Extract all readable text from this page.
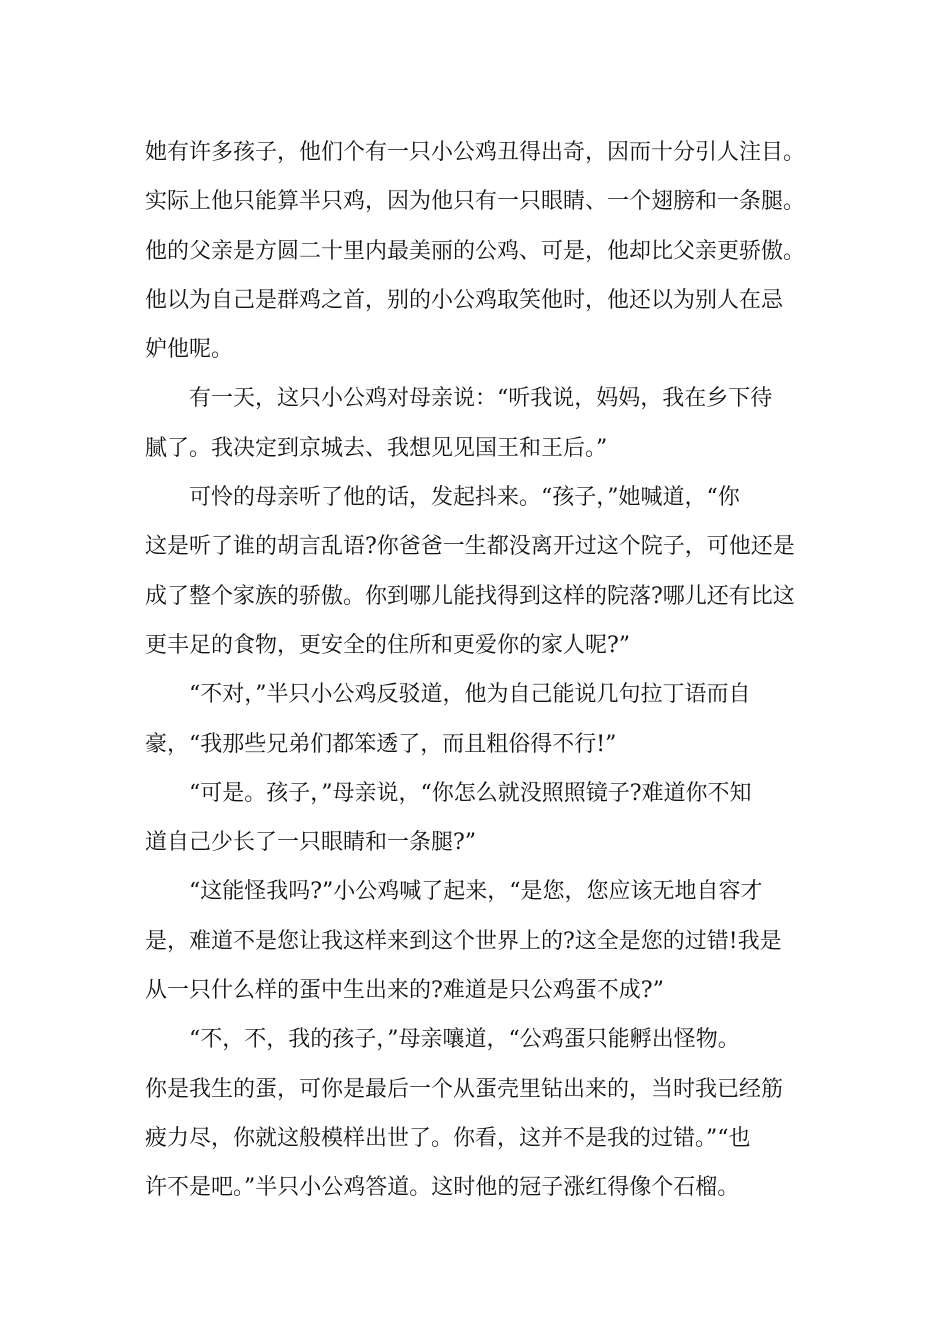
她有许多孩子，他们个有一只小公鸡丑得出奇，因而十分引人注目。
实际上他只能算半只鸡，因为他只有一只眼睛、一个翅膀和一条腿。
他的父亲是方圆二十里内最美丽的公鸡、可是，他却比父亲更骄傲。
他以为自己是群鸡之首，别的小公鸡取笑他时，他还以为别人在忌
妒他呢。
有一天，这只小公鸡对母亲说：“听我说，妈妈，我在乡下待
腻了。我决定到京城去、我想见见国王和王后。”
可怜的母亲听了他的话，发起抖来。“孩子，”她喊道，“你
这是听了谁的胡言乱语?你爸爸一生都没离开过这个院子，可他还是
成了整个家族的骄傲。你到哪儿能找得到这样的院落?哪儿还有比这
更丰足的食物，更安全的住所和更爱你的家人呢?”
“不对，”半只小公鸡反驳道，他为自己能说几句拉丁语而自
豪，“我那些兄弟们都笨透了，而且粗俗得不行!”
“可是。孩子，”母亲说，“你怎么就没照照镜子?难道你不知
道自己少长了一只眼睛和一条腿?”
“这能怪我吗?”小公鸡喊了起来，“是您，您应该无地自容才
是，难道不是您让我这样来到这个世界上的?这全是您的过错!我是
从一只什么样的蛋中生出来的?难道是只公鸡蛋不成?”
“不，不，我的孩子，”母亲嚷道，“公鸡蛋只能孵出怪物。
你是我生的蛋，可你是最后一个从蛋壳里钻出来的，当时我已经筋
疲力尽，你就这般模样出世了。你看，这并不是我的过错。”“也
许不是吧。”半只小公鸡答道。这时他的冠子涨红得像个石榴。
